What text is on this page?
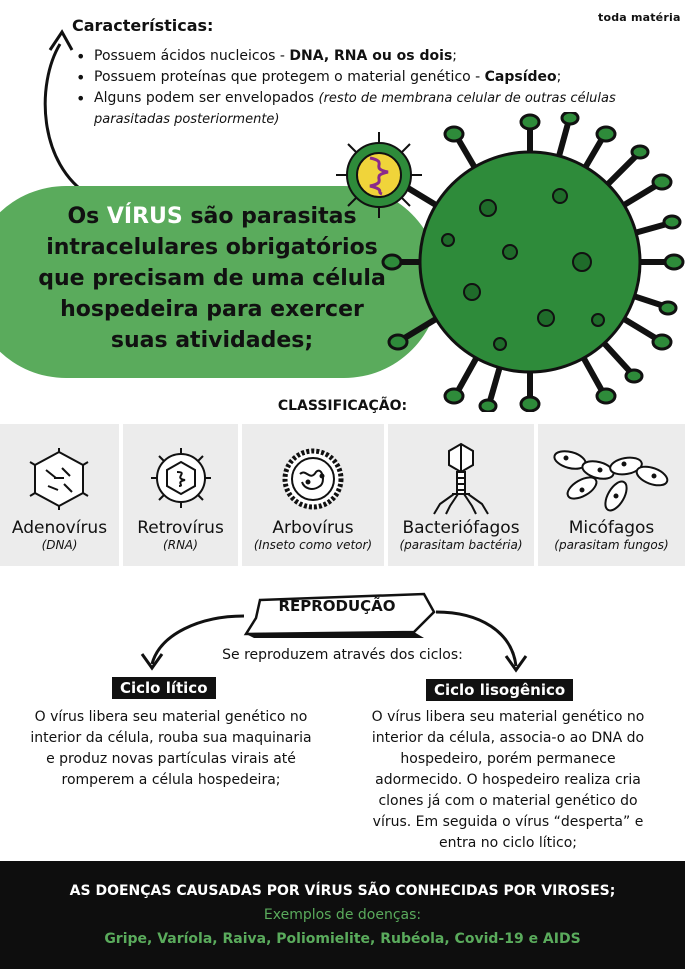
toda matéria
Características:
• Possuem ácidos nucleicos - DNA, RNA ou os dois;
• Possuem proteínas que protegem o material genético - Capsídeo;
• Alguns podem ser envelopados (resto de membrana celular de outras células parasitadas posteriormente)
Os VÍRUS são parasitas intracelulares obrigatórios que precisam de uma célula hospedeira para exercer suas atividades;
CLASSIFICAÇÃO:
Adenovírus
(DNA)
Retrovírus
(RNA)
Arbovírus
(Inseto como vetor)
Bacteriófagos
(parasitam bactéria)
Micófagos
(parasitam fungos)
REPRODUÇÃO
Se reproduzem através dos ciclos:
Ciclo lítico
O vírus libera seu material genético no interior da célula, rouba sua maquinaria e produz novas partículas virais até romperem a célula hospedeira;
Ciclo lisogênico
O vírus libera seu material genético no interior da célula, associa-o ao DNA do hospedeiro, porém permanece adormecido. O hospedeiro realiza cria clones já com o material genético do vírus. Em seguida o vírus “desperta” e entra no ciclo lítico;
AS DOENÇAS CAUSADAS POR VÍRUS SÃO CONHECIDAS POR VIROSES;
Exemplos de doenças:
Gripe, Varíola, Raiva, Poliomielite, Rubéola, Covid-19 e AIDS
